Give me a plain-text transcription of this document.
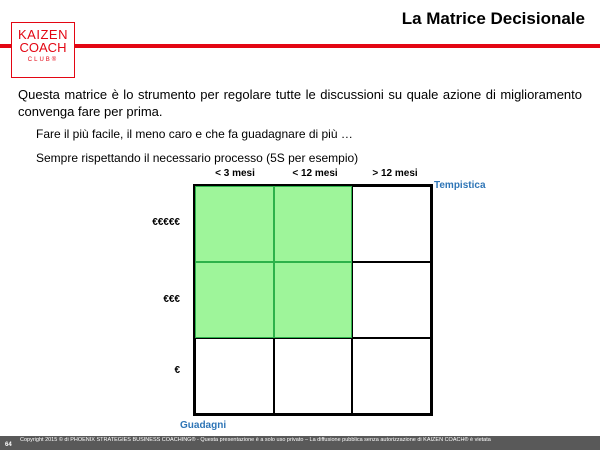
KAIZEN
COACH
CLUB®
La Matrice Decisionale
Questa matrice è lo strumento per regolare tutte le discussioni su quale azione di miglioramento convenga fare per prima.
Fare il più facile, il meno caro e che fa guadagnare di più …
Sempre rispettando il necessario processo (5S per esempio)
< 3 mesi	< 12 mesi	> 12 mesi
Tempistica
€€€€€
€€€
€
Guadagni
Copyright 2015 © di PHOENIX STRATEGIES BUSINESS COACHING® - Questa presentazione è a solo uso privato – La diffusione pubblica senza autorizzazione di KAIZEN COACH® è vietata
64
